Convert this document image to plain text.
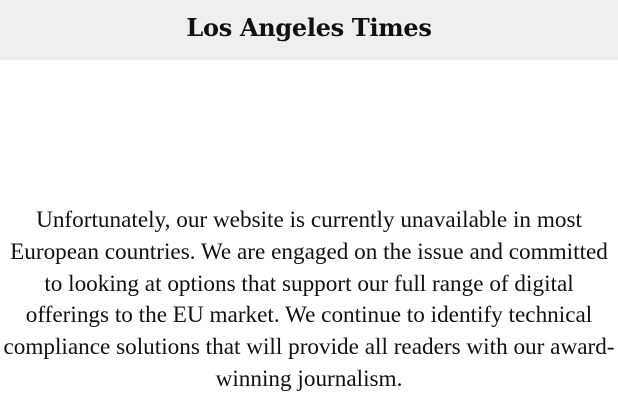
Los Angeles Times

Unfortunately, our website is currently unavailable in most
European countries. We are engaged on the issue and committed
to looking at options that support our full range of digital
offerings to the EU market. We continue to identify technical
compliance solutions that will provide all readers with our award-
winning journalism.
